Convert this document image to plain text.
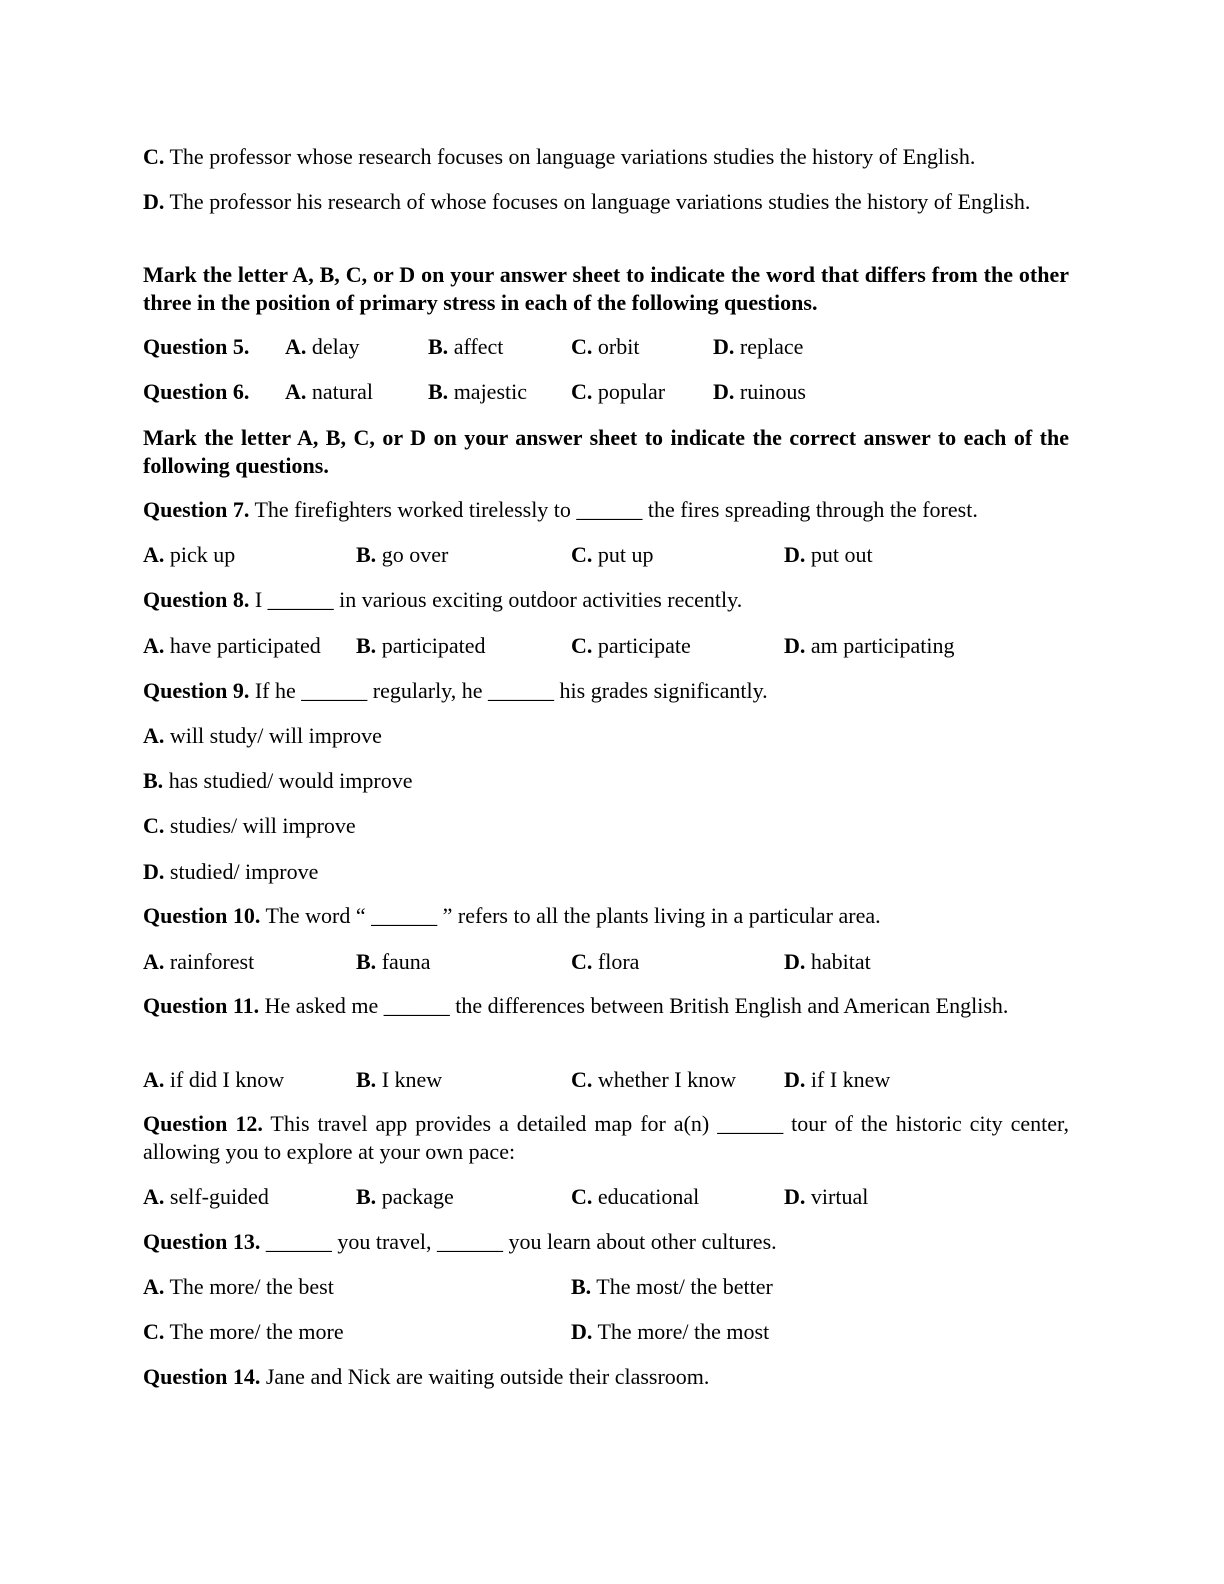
C. The professor whose research focuses on language variations studies the history of English.
D. The professor his research of whose focuses on language variations studies the history of English.
Mark the letter A, B, C, or D on your answer sheet to indicate the word that differs from the other three in the position of primary stress in each of the following questions.
Question 5. A. delay	B. affect	C. orbit	D. replace
Question 6. A. natural	B. majestic C. popular D. ruinous
Mark the letter A, B, C, or D on your answer sheet to indicate the correct answer to each of the following questions.
Question 7. The firefighters worked tirelessly to ______ the fires spreading through the forest.
A. pick up	B. go over	C. put up	D. put out
Question 8. I ______ in various exciting outdoor activities recently.
A. have participated B. participated	C. participate	D. am participating
Question 9. If he ______ regularly, he ______ his grades significantly.
A. will study/ will improve
B. has studied/ would improve
C. studies/ will improve
D. studied/ improve
Question 10. The word “ ______ ” refers to all the plants living in a particular area.
A. rainforest	B. fauna	C. flora	D. habitat
Question 11. He asked me ______ the differences between British English and American English.
A. if did I know	B. I knew	C. whether I know D. if I knew
Question 12. This travel app provides a detailed map for a(n) ______ tour of the historic city center, allowing you to explore at your own pace:
A. self-guided	B. package	C. educational	D. virtual
Question 13. ______ you travel, ______ you learn about other cultures.
A. The more/ the best	B. The most/ the better
C. The more/ the more	D. The more/ the most
Question 14. Jane and Nick are waiting outside their classroom.
